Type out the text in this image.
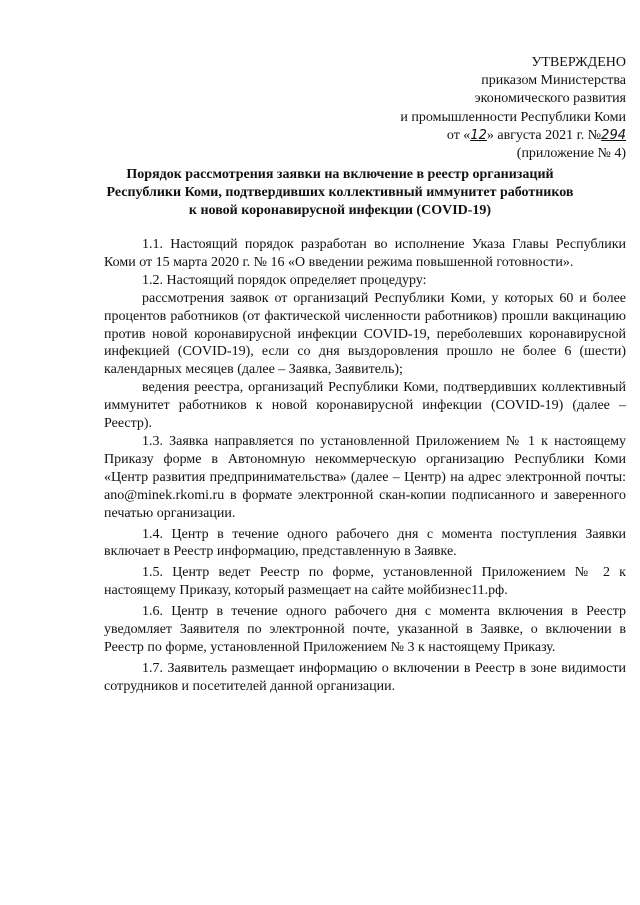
УТВЕРЖДЕНО
приказом Министерства
экономического развития
и промышленности Республики Коми
от «12» августа 2021 г. №294
(приложение № 4)
Порядок рассмотрения заявки на включение в реестр организаций
Республики Коми, подтвердивших коллективный иммунитет работников
к новой коронавирусной инфекции (COVID-19)

1.1. Настоящий порядок разработан во исполнение Указа Главы Республики Коми от 15 марта 2020 г. № 16 «О введении режима повышенной готовности».

1.2. Настоящий порядок определяет процедуру:

рассмотрения заявок от организаций Республики Коми, у которых 60 и более процентов работников (от фактической численности работников) прошли вакцинацию против новой коронавирусной инфекции COVID-19, переболевших коронавирусной инфекцией (COVID-19), если со дня выздоровления прошло не более 6 (шести) календарных месяцев (далее – Заявка, Заявитель);

ведения реестра, организаций Республики Коми, подтвердивших коллективный иммунитет работников к новой коронавирусной инфекции (COVID-19) (далее – Реестр).

1.3. Заявка направляется по установленной Приложением № 1 к настоящему Приказу форме в Автономную некоммерческую организацию Республики Коми «Центр развития предпринимательства» (далее – Центр) на адрес электронной почты: ano@minek.rkomi.ru в формате электронной скан-копии подписанного и заверенного печатью организации.

1.4. Центр в течение одного рабочего дня с момента поступления Заявки включает в Реестр информацию, представленную в Заявке.

1.5. Центр ведет Реестр по форме, установленной Приложением № 2 к настоящему Приказу, который размещает на сайте мойбизнес11.рф.

1.6. Центр в течение одного рабочего дня с момента включения в Реестр уведомляет Заявителя по электронной почте, указанной в Заявке, о включении в Реестр по форме, установленной Приложением № 3 к настоящему Приказу.

1.7. Заявитель размещает информацию о включении в Реестр в зоне видимости сотрудников и посетителей данной организации.
